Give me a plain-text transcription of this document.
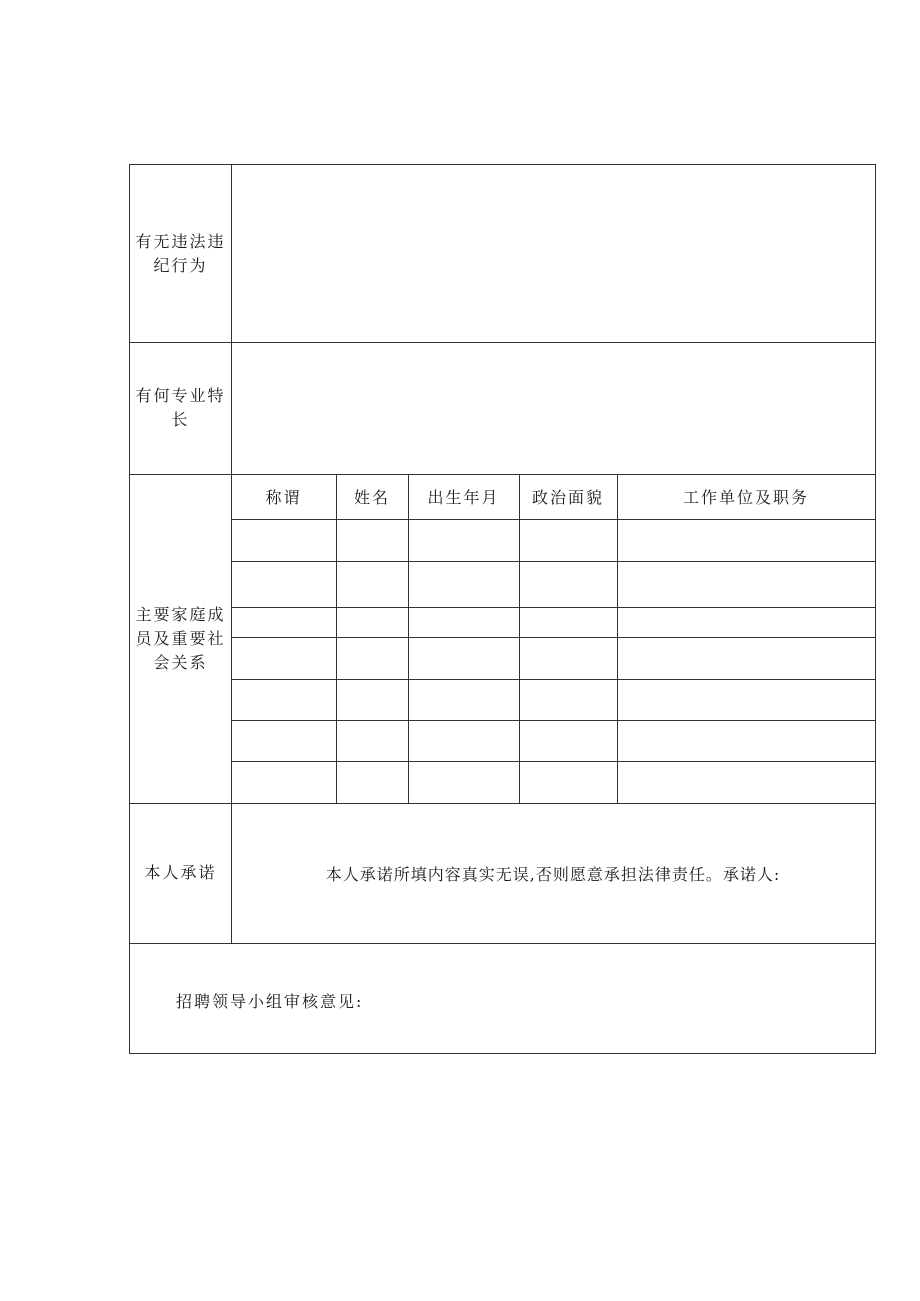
有无违法违纪行为
有何专业特长
主要家庭成员及重要社会关系
称谓	姓名	出生年月	政治面貌	工作单位及职务
本人承诺	本人承诺所填内容真实无误,否则愿意承担法律责任。承诺人:
招聘领导小组审核意见:
